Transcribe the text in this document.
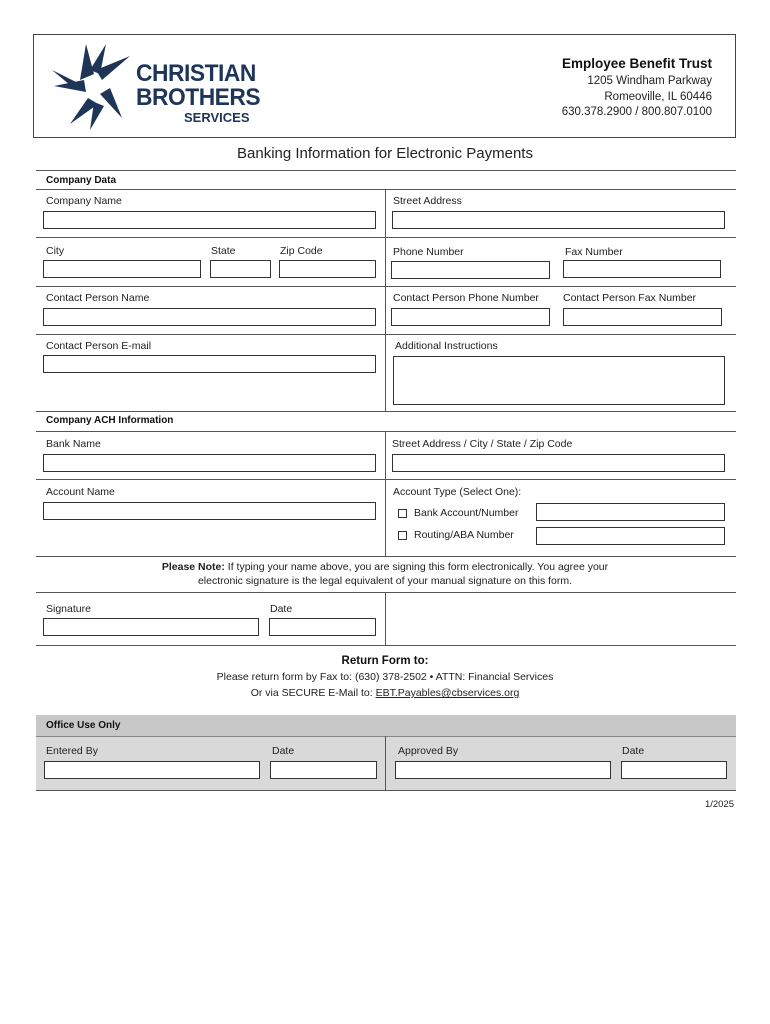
CHRISTIAN
BROTHERS
SERVICES
Employee Benefit Trust
1205 Windham Parkway
Romeoville, IL 60446
630.378.2900 / 800.807.0100
Banking Information for Electronic Payments
Company Data
Company Name	Street Address
City	State	Zip Code	Phone Number	Fax Number
Contact Person Name	Contact Person Phone Number Contact Person Fax Number
Contact Person E-mail	Additional Instructions
Company ACH Information
Bank Name	Street Address / City / State / Zip Code
Account Name	Account Type (Select One):
Bank Account/Number
Routing/ABA Number
Please Note: If typing your name above, you are signing this form electronically. You agree your
electronic signature is the legal equivalent of your manual signature on this form.
Signature	Date
Return Form to:
Please return form by Fax to: (630) 378-2502 • ATTN: Financial Services
Or via SECURE E-Mail to: EBT.Payables@cbservices.org
Office Use Only
Entered By	Date	Approved By	Date
1/2025
